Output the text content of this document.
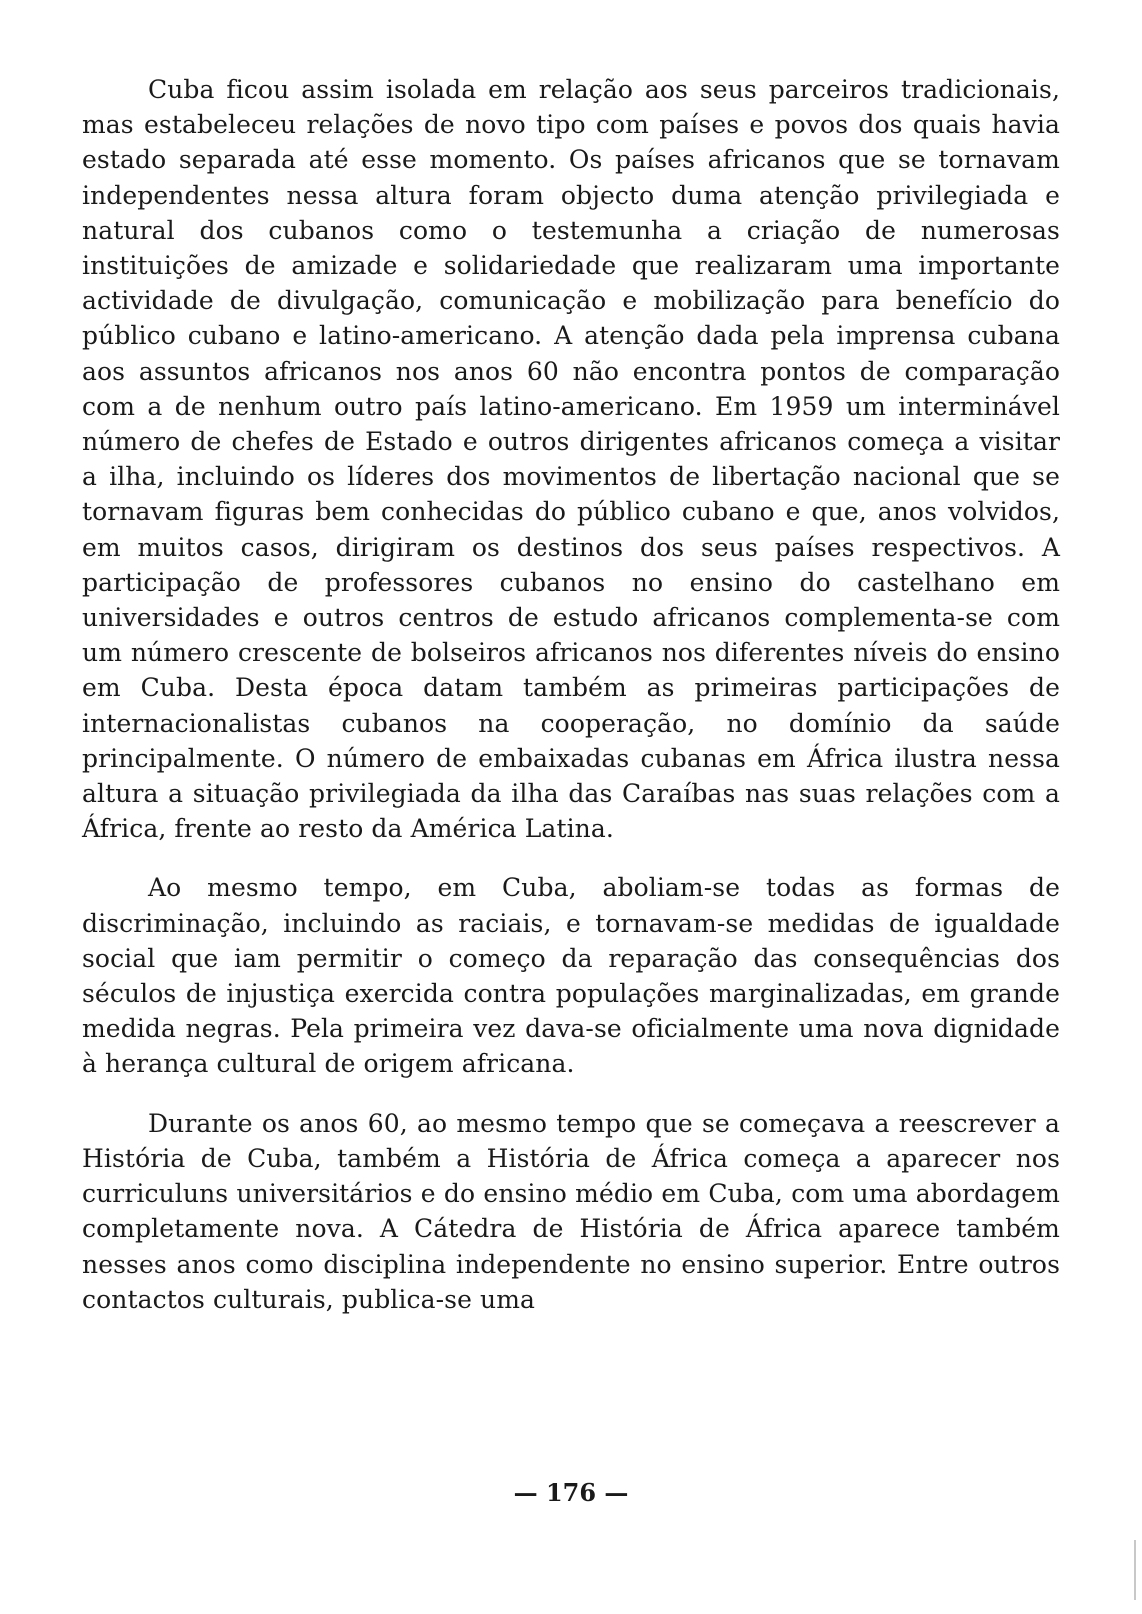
Cuba ficou assim isolada em relação aos seus parceiros tradicionais, mas estabeleceu relações de novo tipo com países e povos dos quais havia estado separada até esse momento. Os países africanos que se tornavam independentes nessa altura foram objecto duma atenção privilegiada e natural dos cubanos como o testemunha a criação de numerosas instituições de amizade e solidariedade que realizaram uma importante actividade de divulgação, comunicação e mobilização para benefício do público cubano e latino-americano. A atenção dada pela imprensa cubana aos assuntos africanos nos anos 60 não encontra pontos de comparação com a de nenhum outro país latino-americano. Em 1959 um interminável número de chefes de Estado e outros dirigentes africanos começa a visitar a ilha, incluindo os líderes dos movimentos de libertação nacional que se tornavam figuras bem conhecidas do público cubano e que, anos volvidos, em muitos casos, dirigiram os destinos dos seus países respectivos. A participação de professores cubanos no ensino do castelhano em universidades e outros centros de estudo africanos complementa-se com um número crescente de bolseiros africanos nos diferentes níveis do ensino em Cuba. Desta época datam também as primeiras participações de internacionalistas cubanos na cooperação, no domínio da saúde principalmente. O número de embaixadas cubanas em África ilustra nessa altura a situação privilegiada da ilha das Caraíbas nas suas relações com a África, frente ao resto da América Latina.

Ao mesmo tempo, em Cuba, aboliam-se todas as formas de discriminação, incluindo as raciais, e tornavam-se medidas de igualdade social que iam permitir o começo da reparação das consequências dos séculos de injustiça exercida contra populações marginalizadas, em grande medida negras. Pela primeira vez dava-se oficialmente uma nova dignidade à herança cultural de origem africana.

Durante os anos 60, ao mesmo tempo que se começava a reescrever a História de Cuba, também a História de África começa a aparecer nos curriculuns universitários e do ensino médio em Cuba, com uma abordagem completamente nova. A Cátedra de História de África aparece também nesses anos como disciplina independente no ensino superior. Entre outros contactos culturais, publica-se uma

— 176 —
